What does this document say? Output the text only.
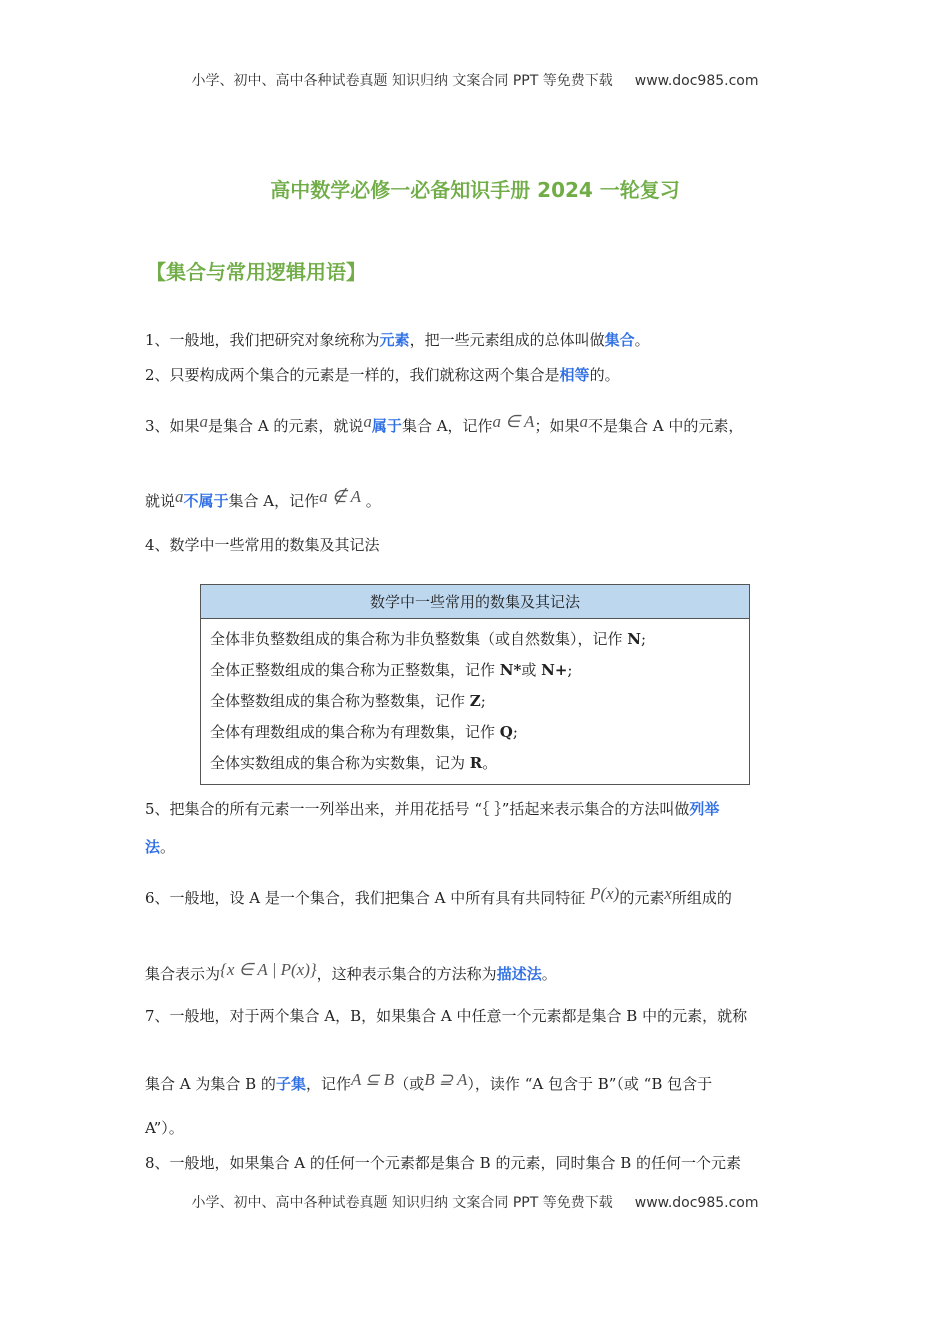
小学、初中、高中各种试卷真题 知识归纳 文案合同 PPT 等免费下载 www.doc985.com
高中数学必修一必备知识手册 2024 一轮复习
【集合与常用逻辑用语】
1、一般地，我们把研究对象统称为元素，把一些元素组成的总体叫做集合。
2、只要构成两个集合的元素是一样的，我们就称这两个集合是相等的。
3、如果a是集合 A 的元素，就说a属于集合 A，记作a ∈ A；如果a不是集合 A 中的元素，
就说a不属于集合 A，记作a ∉ A 。
4、数学中一些常用的数集及其记法
5、把集合的所有元素一一列举出来，并用花括号 “｛ ｝”括起来表示集合的方法叫做列举
法。
6、一般地，设 A 是一个集合，我们把集合 A 中所有具有共同特征 P(x)的元素x所组成的
集合表示为{x ∈ A | P(x)}，这种表示集合的方法称为描述法。
7、一般地，对于两个集合 A，B，如果集合 A 中任意一个元素都是集合 B 中的元素，就称
集合 A 为集合 B 的子集，记作A ⊆ B（或B ⊇ A），读作 “A 包含于 B”（或 “B 包含于
A”）。
8、一般地，如果集合 A 的任何一个元素都是集合 B 的元素，同时集合 B 的任何一个元素
数学中一些常用的数集及其记法
全体非负整数组成的集合称为非负整数集（或自然数集），记作 N;
全体正整数组成的集合称为正整数集，记作 N*或 N+;
全体整数组成的集合称为整数集，记作 Z;
全体有理数组成的集合称为有理数集，记作 Q;
全体实数组成的集合称为实数集，记为 R。
小学、初中、高中各种试卷真题 知识归纳 文案合同 PPT 等免费下载 www.doc985.com
